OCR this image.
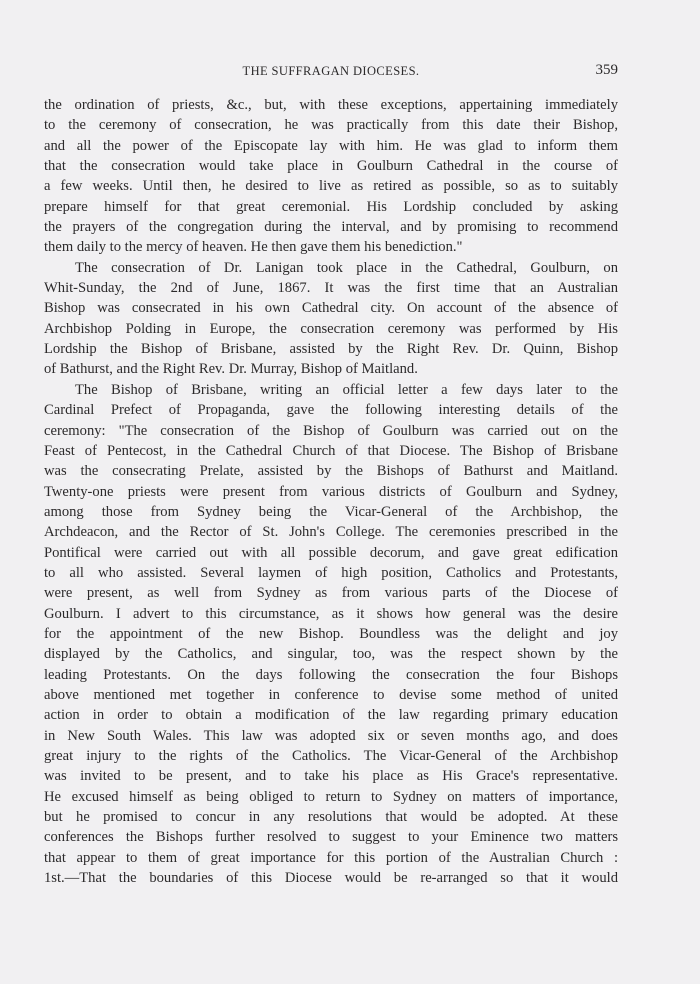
THE SUFFRAGAN DIOCESES.	359
the ordination of priests, &c., but, with these exceptions, appertaining immediately
to the ceremony of consecration, he was practically from this date their Bishop,
and all the power of the Episcopate lay with him. He was glad to inform them
that the consecration would take place in Goulburn Cathedral in the course of
a few weeks. Until then, he desired to live as retired as possible, so as to suitably
prepare himself for that great ceremonial. His Lordship concluded by asking
the prayers of the congregation during the interval, and by promising to recommend
them daily to the mercy of heaven. He then gave them his benediction."
The consecration of Dr. Lanigan took place in the Cathedral, Goulburn, on
Whit-Sunday, the 2nd of June, 1867. It was the first time that an Australian
Bishop was consecrated in his own Cathedral city. On account of the absence of
Archbishop Polding in Europe, the consecration ceremony was performed by His
Lordship the Bishop of Brisbane, assisted by the Right Rev. Dr. Quinn, Bishop
of Bathurst, and the Right Rev. Dr. Murray, Bishop of Maitland.
The Bishop of Brisbane, writing an official letter a few days later to the
Cardinal Prefect of Propaganda, gave the following interesting details of the
ceremony: "The consecration of the Bishop of Goulburn was carried out on the
Feast of Pentecost, in the Cathedral Church of that Diocese. The Bishop of Brisbane
was the consecrating Prelate, assisted by the Bishops of Bathurst and Maitland.
Twenty-one priests were present from various districts of Goulburn and Sydney,
among those from Sydney being the Vicar-General of the Archbishop, the
Archdeacon, and the Rector of St. John's College. The ceremonies prescribed in the
Pontifical were carried out with all possible decorum, and gave great edification
to all who assisted. Several laymen of high position, Catholics and Protestants,
were present, as well from Sydney as from various parts of the Diocese of
Goulburn. I advert to this circumstance, as it shows how general was the desire
for the appointment of the new Bishop. Boundless was the delight and joy
displayed by the Catholics, and singular, too, was the respect shown by the
leading Protestants. On the days following the consecration the four Bishops
above mentioned met together in conference to devise some method of united
action in order to obtain a modification of the law regarding primary education
in New South Wales. This law was adopted six or seven months ago, and does
great injury to the rights of the Catholics. The Vicar-General of the Archbishop
was invited to be present, and to take his place as His Grace's representative.
He excused himself as being obliged to return to Sydney on matters of importance,
but he promised to concur in any resolutions that would be adopted. At these
conferences the Bishops further resolved to suggest to your Eminence two matters
that appear to them of great importance for this portion of the Australian Church :
1st.—That the boundaries of this Diocese would be re-arranged so that it would
